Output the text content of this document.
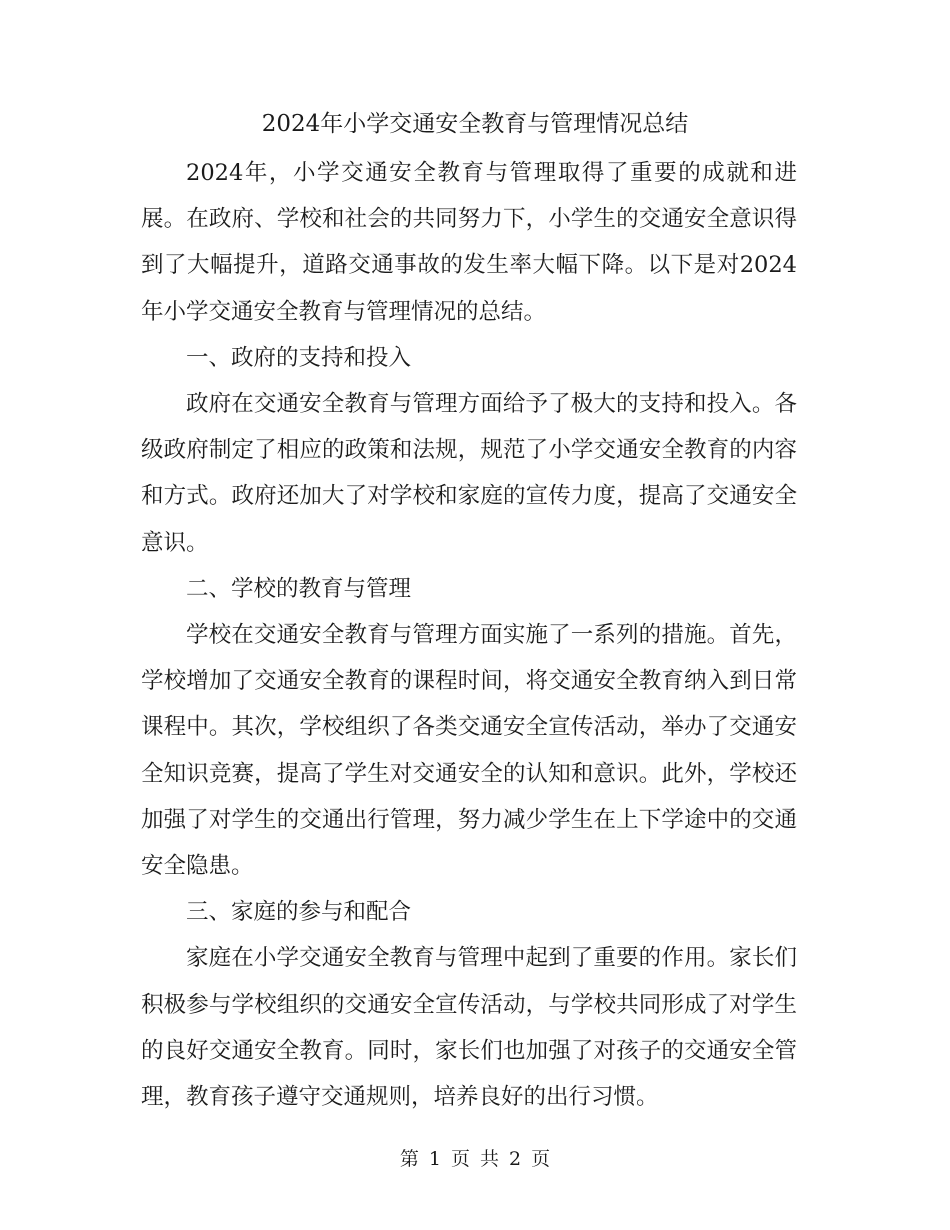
2024年小学交通安全教育与管理情况总结

2024年，小学交通安全教育与管理取得了重要的成就和进展。在政府、学校和社会的共同努力下，小学生的交通安全意识得到了大幅提升，道路交通事故的发生率大幅下降。以下是对2024年小学交通安全教育与管理情况的总结。

一、政府的支持和投入

政府在交通安全教育与管理方面给予了极大的支持和投入。各级政府制定了相应的政策和法规，规范了小学交通安全教育的内容和方式。政府还加大了对学校和家庭的宣传力度，提高了交通安全意识。

二、学校的教育与管理

学校在交通安全教育与管理方面实施了一系列的措施。首先，学校增加了交通安全教育的课程时间，将交通安全教育纳入到日常课程中。其次，学校组织了各类交通安全宣传活动，举办了交通安全知识竞赛，提高了学生对交通安全的认知和意识。此外，学校还加强了对学生的交通出行管理，努力减少学生在上下学途中的交通安全隐患。

三、家庭的参与和配合

家庭在小学交通安全教育与管理中起到了重要的作用。家长们积极参与学校组织的交通安全宣传活动，与学校共同形成了对学生的良好交通安全教育。同时，家长们也加强了对孩子的交通安全管理，教育孩子遵守交通规则，培养良好的出行习惯。

第 1 页 共 2 页
